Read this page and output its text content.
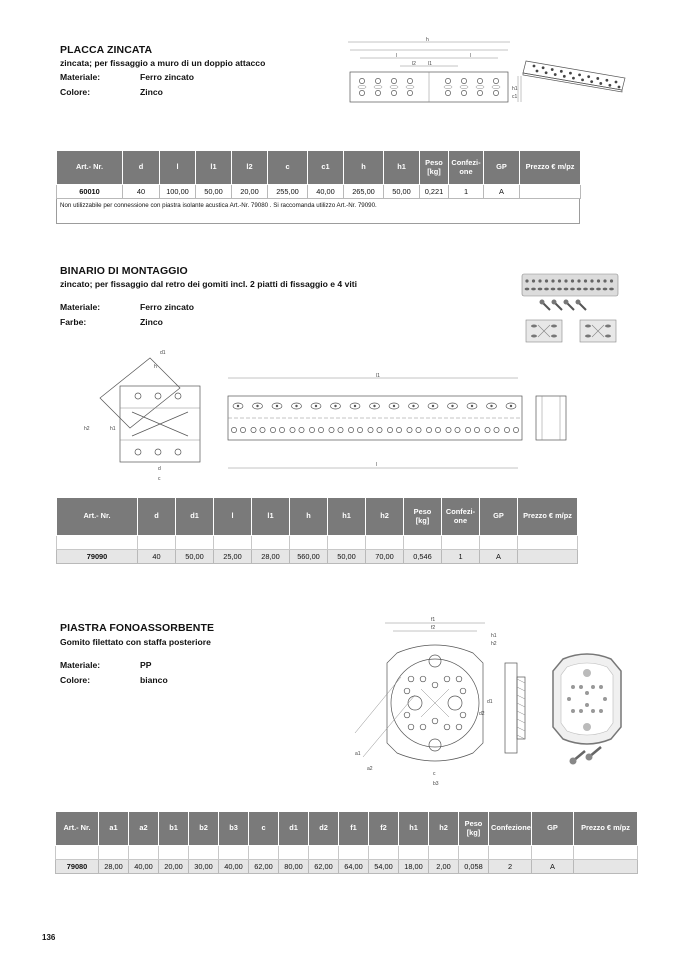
PLACCA ZINCATA
zincata; per fissaggio a muro di un doppio attacco
Materiale:	Ferro zincato
Colore:	Zinco
h
l	l
l2 l1
h1
c1
Art.- Nr.	d	l	l1	l2	c	c1	h	h1	Peso [kg]	Confezi-one	GP	Prezzo € m/pz
60010	40	100,00	50,00	20,00	255,00	40,00	265,00	50,00	0,221	1	A	
Non utilizzabile per connessione con piastra isolante acustica Art.-Nr. 79080 . Si raccomanda utilizzo Art.-Nr. 79090.
BINARIO DI MONTAGGIO
zincato; per fissaggio dal retro dei gomiti incl. 2 piatti di fissaggio e 4 viti
Materiale:	Ferro zincato
Farbe:	Zinco
d1
h
h2	h1
d
c
l1
l
Art.- Nr.	d	d1	l	l1	h	h1	h2	Peso [kg]	Confezi-one	GP	Prezzo € m/pz

79090	40	50,00	25,00	28,00	560,00	50,00	70,00	0,546	1	A	
PIASTRA FONOASSORBENTE
Gomito filettato con staffa posteriore
Materiale:	PP
Colore:	bianco
f1
f2
a1
a2
d1
d2
c
b3
h1
h2
Art.- Nr.	a1	a2	b1	b2	b3	c	d1	d2	f1	f2	h1	h2	Peso [kg]	Confezione	GP	Prezzo € m/pz

79080	28,00	40,00	20,00	30,00	40,00	62,00	80,00	62,00	64,00	54,00	18,00	2,00	0,058	2	A	
136
